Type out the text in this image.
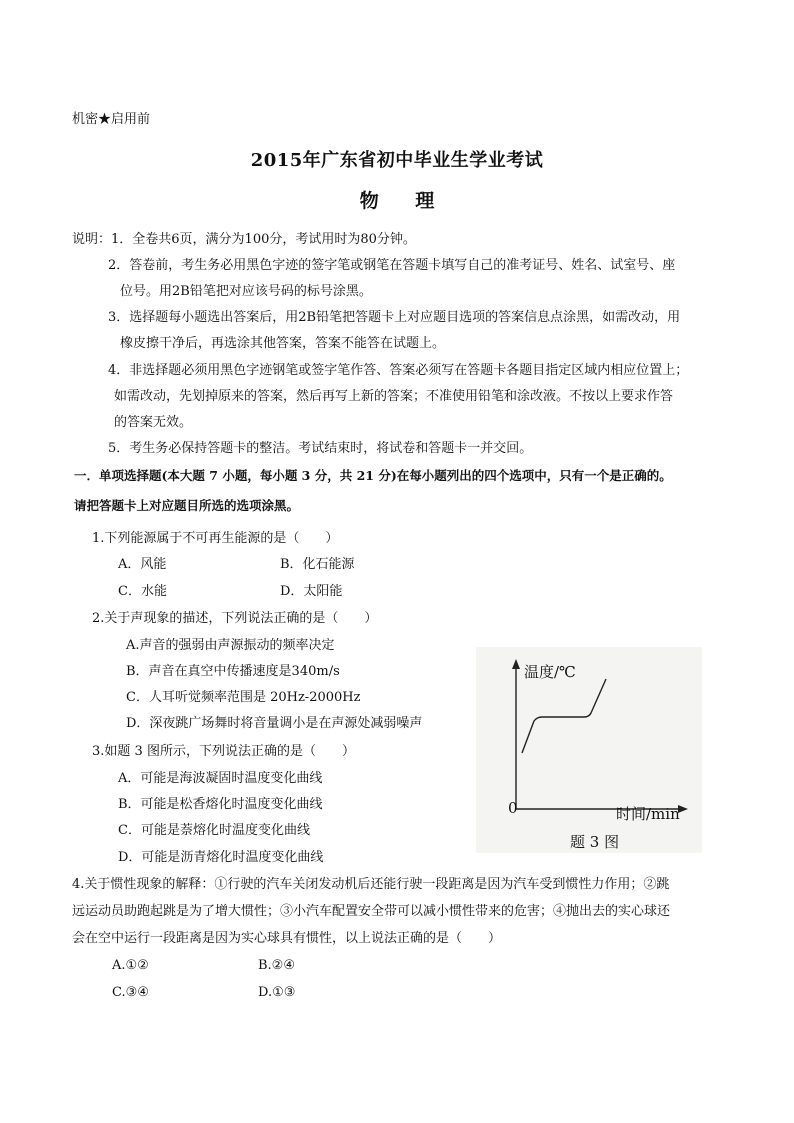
机密★启用前
2015年广东省初中毕业生学业考试
物 理
说明：1．全卷共6页，满分为100分，考试用时为80分钟。
2．答卷前，考生务必用黑色字迹的签字笔或钢笔在答题卡填写自己的准考证号、姓名、试室号、座
位号。用2B铅笔把对应该号码的标号涂黑。
3．选择题每小题选出答案后，用2B铅笔把答题卡上对应题目选项的答案信息点涂黑，如需改动，用
橡皮擦干净后，再选涂其他答案，答案不能答在试题上。
4．非选择题必须用黑色字迹钢笔或签字笔作答、答案必须写在答题卡各题目指定区域内相应位置上；
如需改动，先划掉原来的答案，然后再写上新的答案；不准使用铅笔和涂改液。不按以上要求作答
的答案无效。
5．考生务必保持答题卡的整洁。考试结束时，将试卷和答题卡一并交回。
一．单项选择题(本大题 7 小题，每小题 3 分，共 21 分)在每小题列出的四个选项中，只有一个是正确的。
请把答题卡上对应题目所选的选项涂黑。
1.下列能源属于不可再生能源的是（　　）
A．风能	B．化石能源
C．水能	D．太阳能
2.关于声现象的描述，下列说法正确的是（　　）
A.声音的强弱由声源振动的频率决定
B．声音在真空中传播速度是340m/s
C．人耳听觉频率范围是 20Hz-2000Hz
D．深夜跳广场舞时将音量调小是在声源处减弱噪声
3.如题 3 图所示，下列说法正确的是（　　）
A．可能是海波凝固时温度变化曲线
B．可能是松香熔化时温度变化曲线
C．可能是萘熔化时温度变化曲线
D．可能是沥青熔化时温度变化曲线
温度/℃
0	时间/min
题 3 图
4.关于惯性现象的解释：①行驶的汽车关闭发动机后还能行驶一段距离是因为汽车受到惯性力作用；②跳
远运动员助跑起跳是为了增大惯性；③小汽车配置安全带可以减小惯性带来的危害；④抛出去的实心球还
会在空中运行一段距离是因为实心球具有惯性，以上说法正确的是（　　）
A.①②	B.②④
C.③④	D.①③
